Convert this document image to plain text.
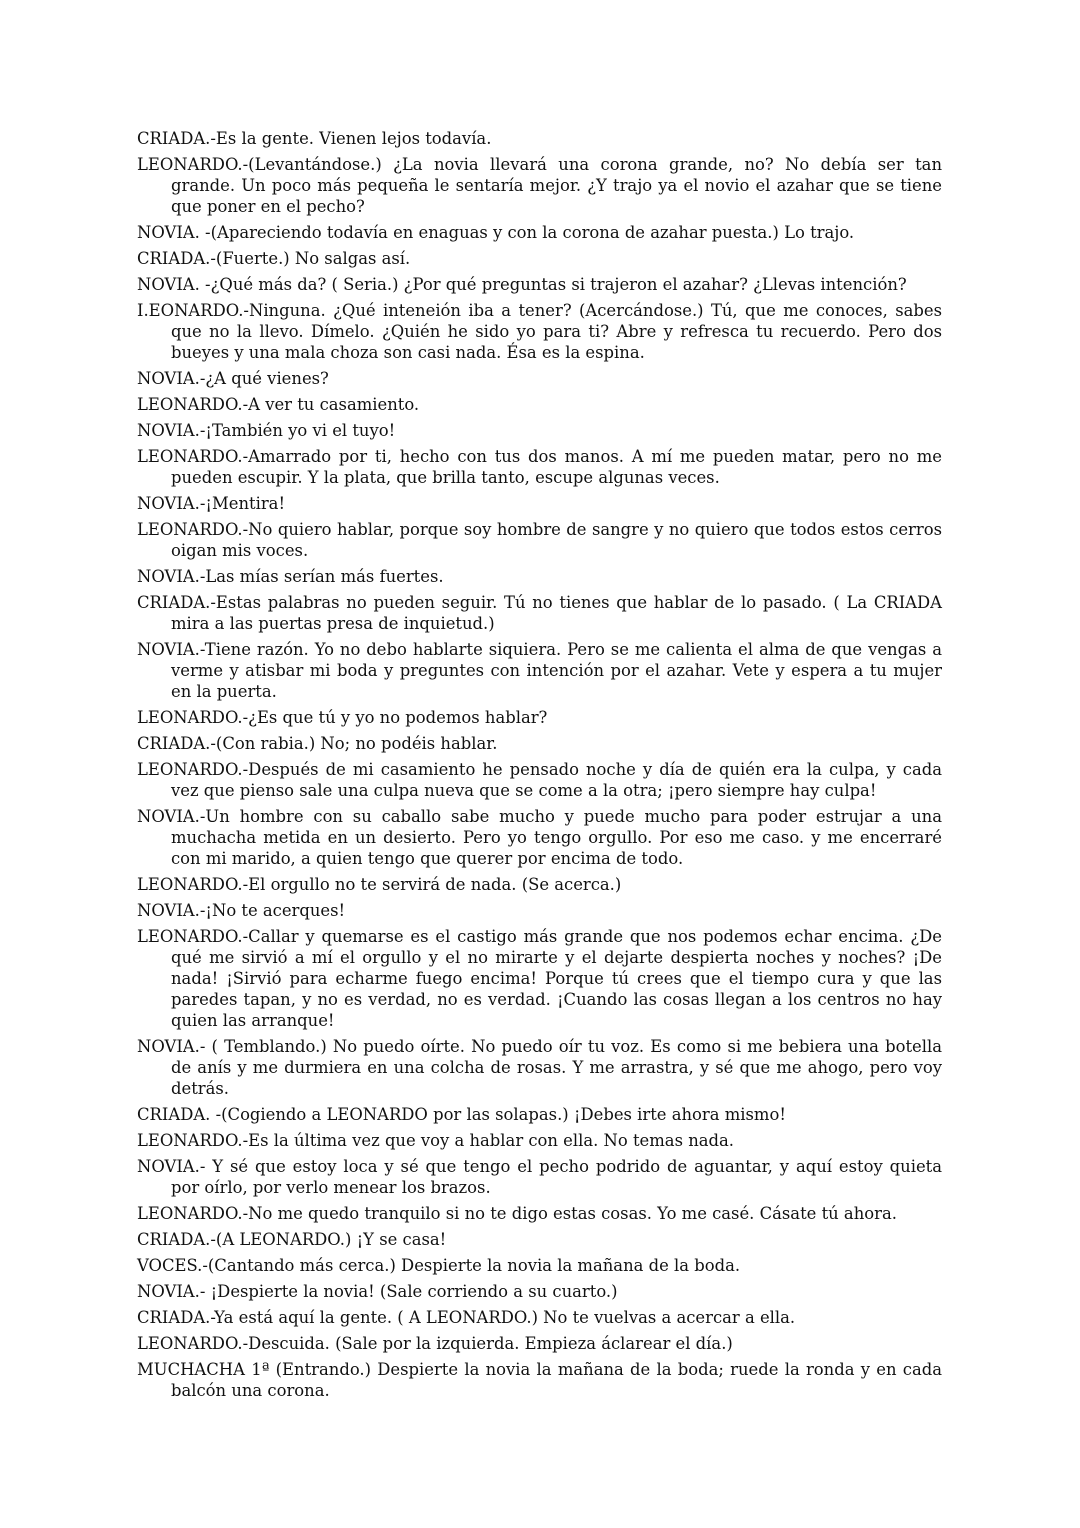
CRIADA.-Es la gente. Vienen lejos todavía.

LEONARDO.-(Levantándose.) ¿La novia llevará una corona grande, no? No debía ser tan grande. Un poco más pequeña le sentaría mejor. ¿Y trajo ya el novio el azahar que se tiene que poner en el pecho?

NOVIA. -(Apareciendo todavía en enaguas y con la corona de azahar puesta.) Lo trajo.

CRIADA.-(Fuerte.) No salgas así.

NOVIA. -¿Qué más da? ( Seria.) ¿Por qué preguntas si trajeron el azahar? ¿Llevas intención?

I.EONARDO.-Ninguna. ¿Qué inteneión iba a tener? (Acercándose.) Tú, que me conoces, sabes que no la llevo. Dímelo. ¿Quién he sido yo para ti? Abre y refresca tu recuerdo. Pero dos bueyes y una mala choza son casi nada. Ésa es la espina.

NOVIA.-¿A qué vienes?

LEONARDO.-A ver tu casamiento.

NOVIA.-¡También yo vi el tuyo!

LEONARDO.-Amarrado por ti, hecho con tus dos manos. A mí me pueden matar, pero no me pueden escupir. Y la plata, que brilla tanto, escupe algunas veces.

NOVIA.-¡Mentira!

LEONARDO.-No quiero hablar, porque soy hombre de sangre y no quiero que todos estos cerros oigan mis voces.

NOVIA.-Las mías serían más fuertes.

CRIADA.-Estas palabras no pueden seguir. Tú no tienes que hablar de lo pasado. ( La CRIADA mira a las puertas presa de inquietud.)

NOVIA.-Tiene razón. Yo no debo hablarte siquiera. Pero se me calienta el alma de que vengas a verme y atisbar mi boda y preguntes con intención por el azahar. Vete y espera a tu mujer en la puerta.

LEONARDO.-¿Es que tú y yo no podemos hablar?

CRIADA.-(Con rabia.) No; no podéis hablar.

LEONARDO.-Después de mi casamiento he pensado noche y día de quién era la culpa, y cada vez que pienso sale una culpa nueva que se come a la otra; ¡pero siempre hay culpa!

NOVIA.-Un hombre con su caballo sabe mucho y puede mucho para poder estrujar a una muchacha metida en un desierto. Pero yo tengo orgullo. Por eso me caso. y me encerraré con mi marido, a quien tengo que querer por encima de todo.

LEONARDO.-El orgullo no te servirá de nada. (Se acerca.)

NOVIA.-¡No te acerques!

LEONARDO.-Callar y quemarse es el castigo más grande que nos podemos echar encima. ¿De qué me sirvió a mí el orgullo y el no mirarte y el dejarte despierta noches y noches? ¡De nada! ¡Sirvió para echarme fuego encima! Porque tú crees que el tiempo cura y que las paredes tapan, y no es verdad, no es verdad. ¡Cuando las cosas llegan a los centros no hay quien las arranque!

NOVIA.- ( Temblando.) No puedo oírte. No puedo oír tu voz. Es como si me bebiera una botella de anís y me durmiera en una colcha de rosas. Y me arrastra, y sé que me ahogo, pero voy detrás.

CRIADA. -(Cogiendo a LEONARDO por las solapas.) ¡Debes irte ahora mismo!

LEONARDO.-Es la última vez que voy a hablar con ella. No temas nada.

NOVIA.- Y sé que estoy loca y sé que tengo el pecho podrido de aguantar, y aquí estoy quieta por oírlo, por verlo menear los brazos.

LEONARDO.-No me quedo tranquilo si no te digo estas cosas. Yo me casé. Cásate tú ahora.

CRIADA.-(A LEONARDO.) ¡Y se casa!

VOCES.-(Cantando más cerca.) Despierte la novia la mañana de la boda.

NOVIA.- ¡Despierte la novia! (Sale corriendo a su cuarto.)

CRIADA.-Ya está aquí la gente. ( A LEONARDO.) No te vuelvas a acercar a ella.

LEONARDO.-Descuida. (Sale por la izquierda. Empieza áclarear el día.)

MUCHACHA 1ª (Entrando.) Despierte la novia la mañana de la boda; ruede la ronda y en cada balcón una corona.
